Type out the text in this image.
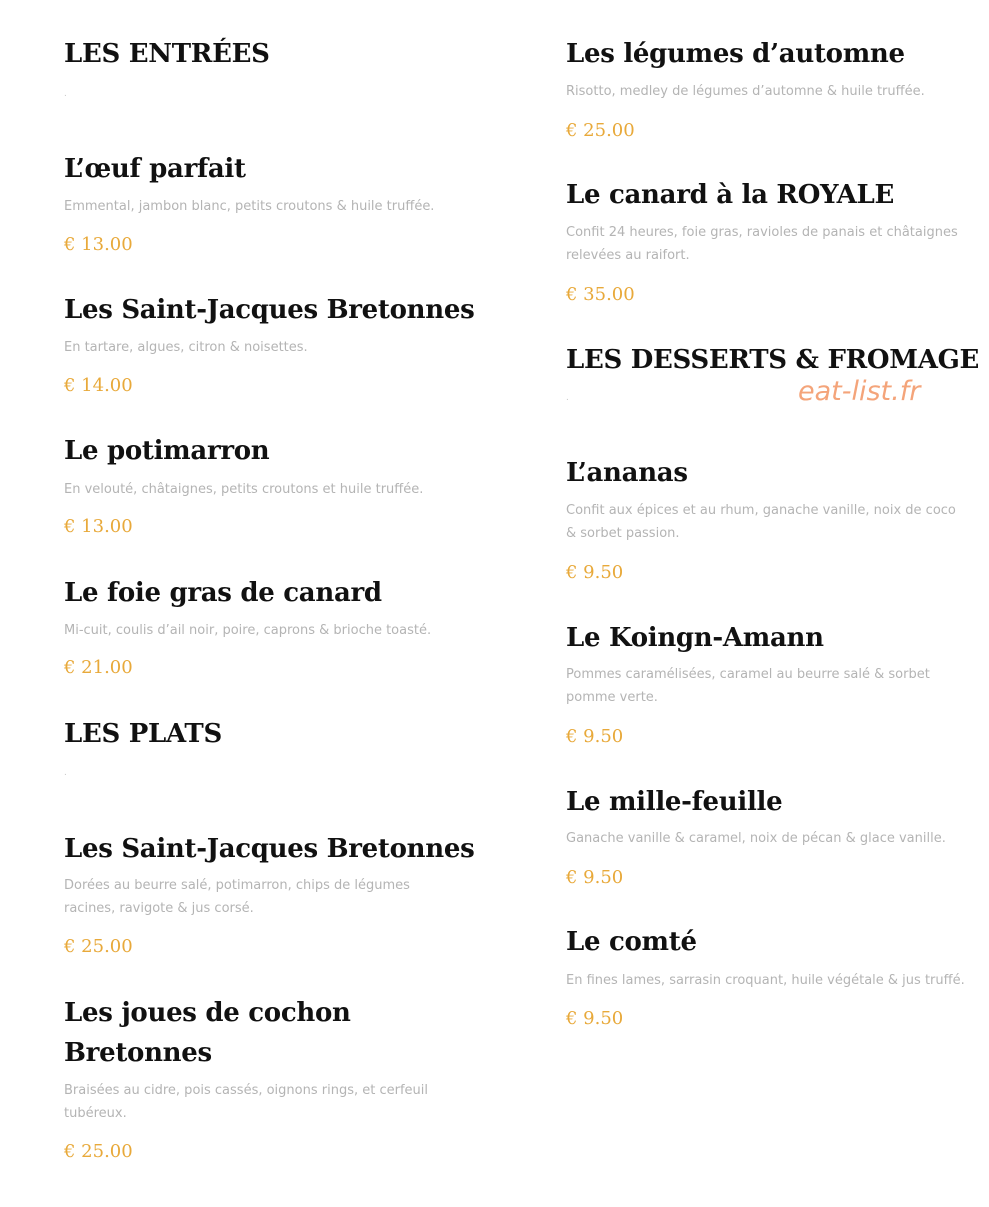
LES ENTRÉES
.
L’œuf parfait
Emmental, jambon blanc, petits croutons & huile truffée.
€ 13.00
Les Saint-Jacques Bretonnes
En tartare, algues, citron & noisettes.
€ 14.00
Le potimarron
En velouté, châtaignes, petits croutons et huile truffée.
€ 13.00
Le foie gras de canard
Mi-cuit, coulis d’ail noir, poire, caprons & brioche toasté.
€ 21.00
LES PLATS
.
Les Saint-Jacques Bretonnes
Dorées au beurre salé, potimarron, chips de légumes racines, ravigote & jus corsé.
€ 25.00
Les joues de cochon Bretonnes
Braisées au cidre, pois cassés, oignons rings, et cerfeuil tubéreux.
€ 25.00
Les légumes d’automne
Risotto, medley de légumes d’automne & huile truffée.
€ 25.00
Le canard à la ROYALE
Confit 24 heures, foie gras, ravioles de panais et châtaignes relevées au raifort.
€ 35.00
LES DESSERTS & FROMAGE
.
L’ananas
Confit aux épices et au rhum, ganache vanille, noix de coco & sorbet passion.
€ 9.50
Le Koingn-Amann
Pommes caramélisées, caramel au beurre salé & sorbet pomme verte.
€ 9.50
Le mille-feuille
Ganache vanille & caramel, noix de pécan & glace vanille.
€ 9.50
Le comté
En fines lames, sarrasin croquant, huile végétale & jus truffé.
€ 9.50
eat-list.fr
